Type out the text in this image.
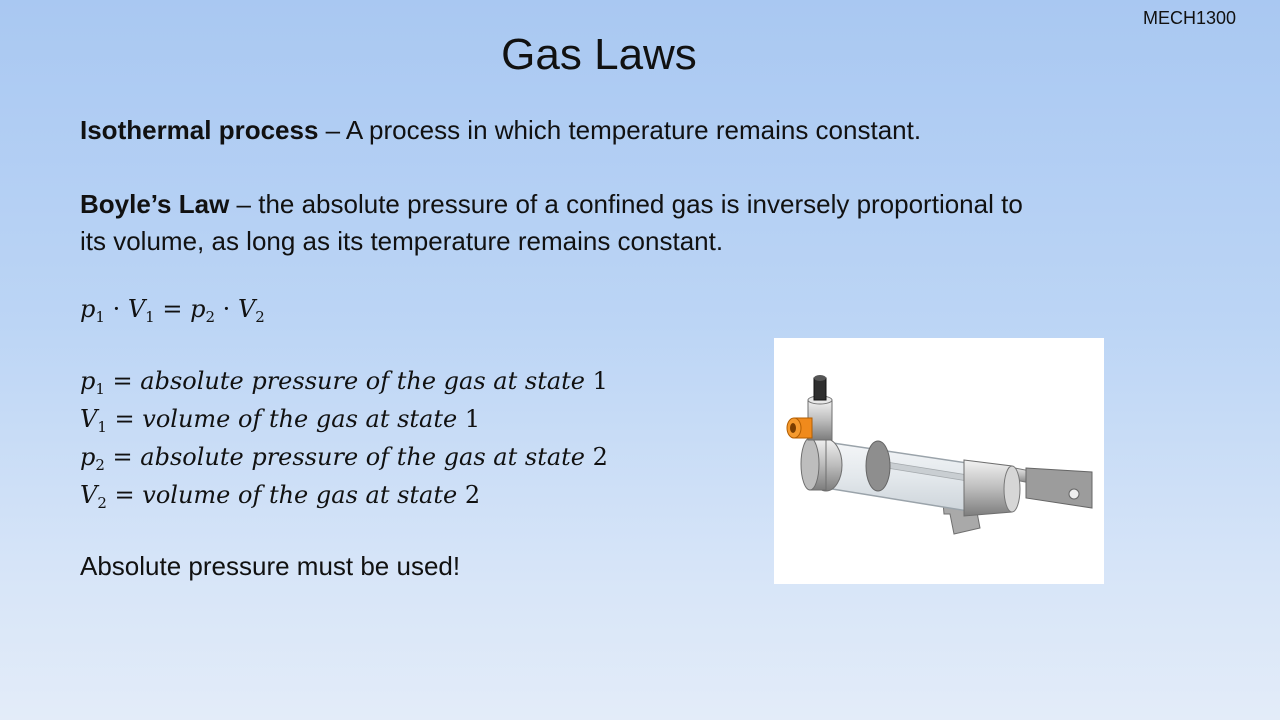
MECH1300
Gas Laws

Isothermal process – A process in which temperature remains constant.

Boyle’s Law – the absolute pressure of a confined gas is inversely proportional to its volume, as long as its temperature remains constant.

$p_1 \cdot V_1 = p_2 \cdot V_2$
$p_1$ = absolute pressure of the gas at state 1
$V_1$ = volume of the gas at state 1
$p_2$ = absolute pressure of the gas at state 2
$V_2$ = volume of the gas at state 2

Absolute pressure must be used!
